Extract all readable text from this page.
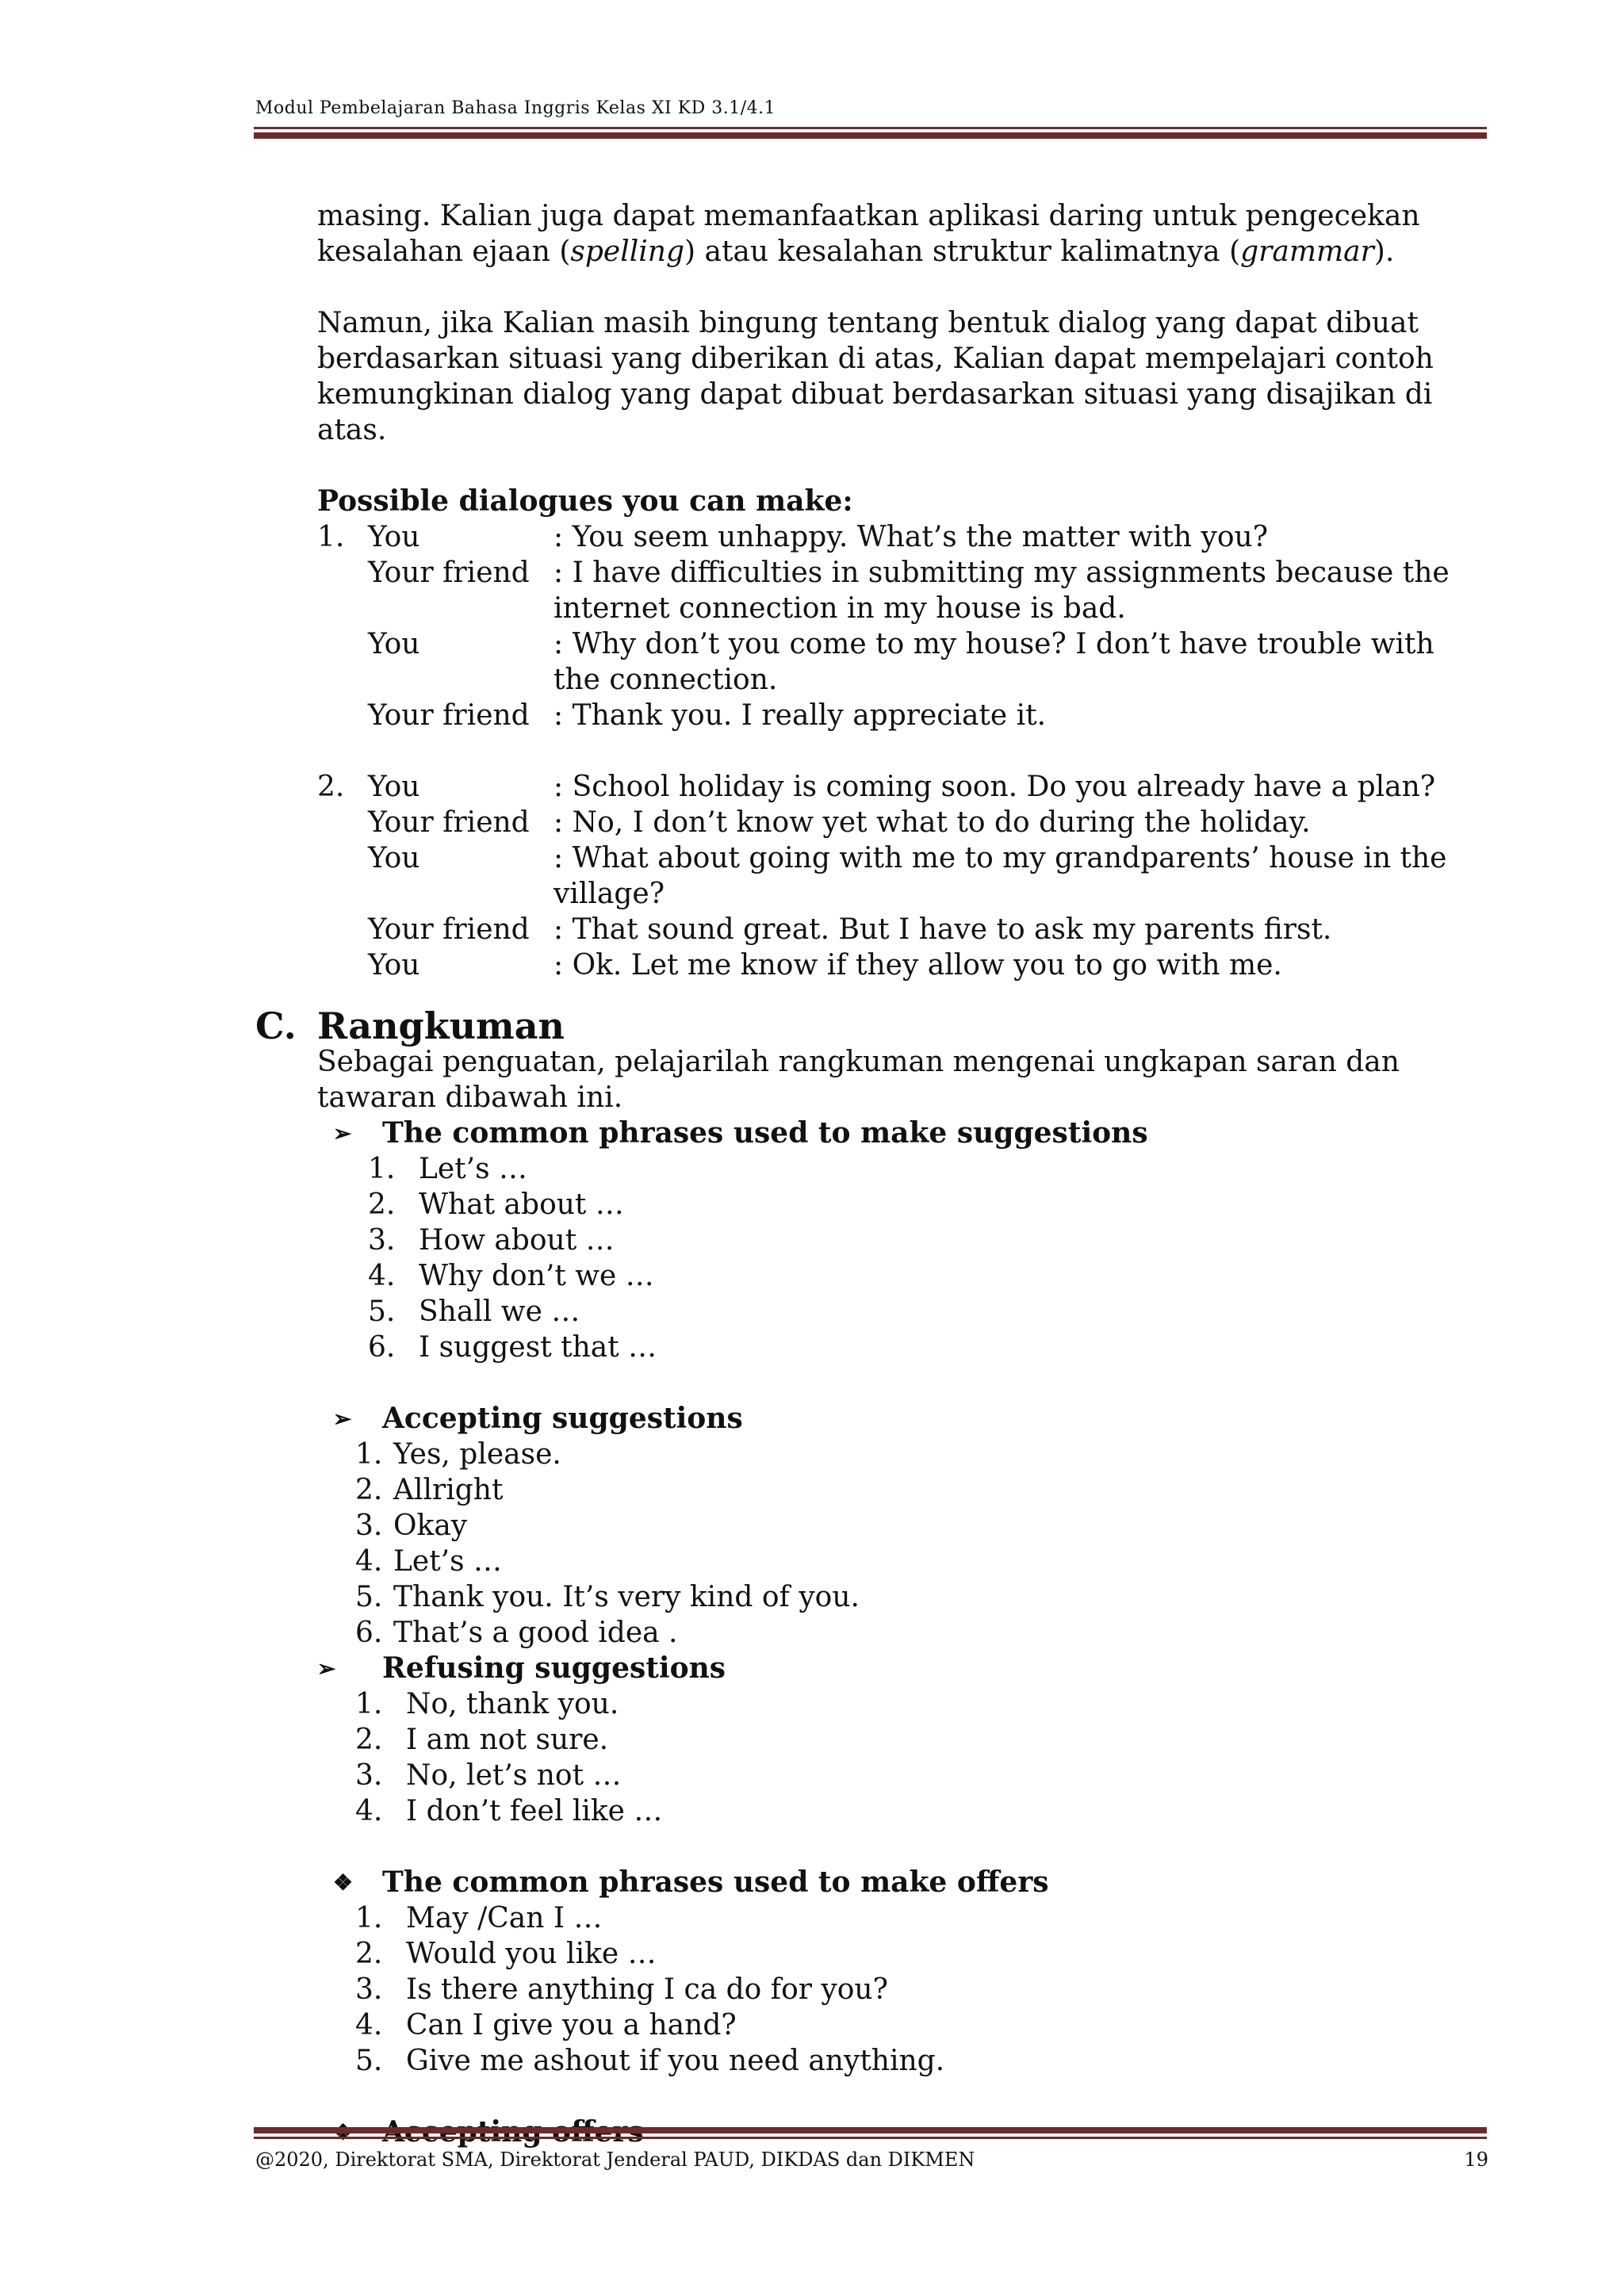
Modul Pembelajaran Bahasa Inggris Kelas XI KD 3.1/4.1

masing. Kalian juga dapat memanfaatkan aplikasi daring untuk pengecekan kesalahan ejaan (spelling) atau kesalahan struktur kalimatnya (grammar).

Namun, jika Kalian masih bingung tentang bentuk dialog yang dapat dibuat berdasarkan situasi yang diberikan di atas, Kalian dapat mempelajari contoh kemungkinan dialog yang dapat dibuat berdasarkan situasi yang disajikan di atas.

Possible dialogues you can make:
1. You	: You seem unhappy. What’s the matter with you?
Your friend : I have difficulties in submitting my assignments because the internet connection in my house is bad.
You	: Why don’t you come to my house? I don’t have trouble with the connection.
Your friend : Thank you. I really appreciate it.
2. You	: School holiday is coming soon. Do you already have a plan?
Your friend : No, I don’t know yet what to do during the holiday.
You	: What about going with me to my grandparents’ house in the village?
Your friend : That sound great. But I have to ask my parents first.
You	: Ok. Let me know if they allow you to go with me.
C. Rangkuman

Sebagai penguatan, pelajarilah rangkuman mengenai ungkapan saran dan tawaran dibawah ini.

➢	The common phrases used to make suggestions
1. Let’s …
2. What about …
3. How about …
4. Why don’t we …
5. Shall we …
6. I suggest that …
➢	Accepting suggestions
1. Yes, please.
2. Allright
3. Okay
4. Let’s …
5. Thank you. It’s very kind of you.
6. That’s a good idea .
➢	Refusing suggestions
1. No, thank you.
2. I am not sure.
3. No, let’s not …
4. I don’t feel like …
❖	The common phrases used to make offers
1. May /Can I …
2. Would you like …
3. Is there anything I ca do for you?
4. Can I give you a hand?
5. Give me ashout if you need anything.
@2020, Direktorat SMA, Direktorat Jenderal PAUD, DIKDAS dan DIKMEN	19
